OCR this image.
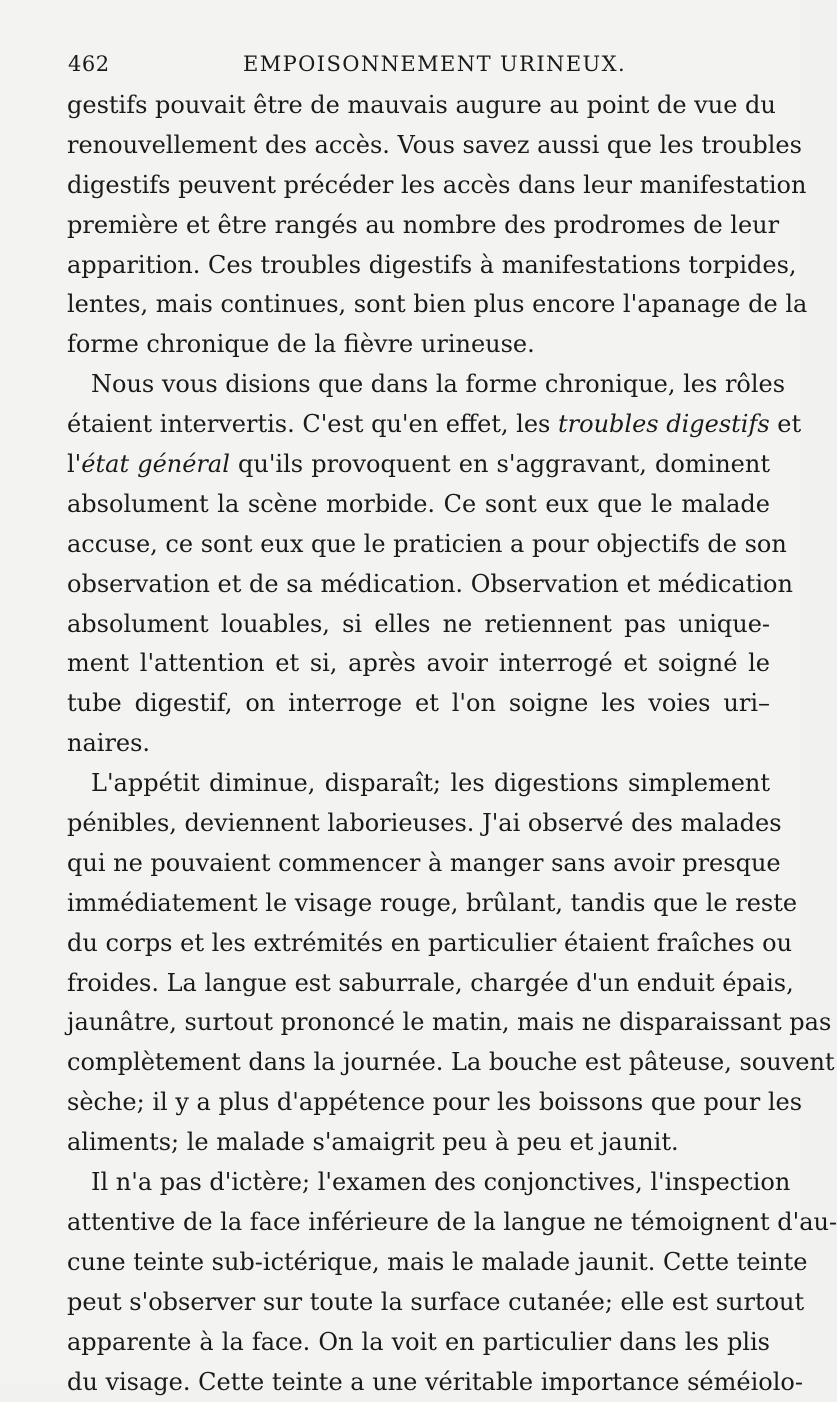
462	EMPOISONNEMENT URINEUX.
gestifs pouvait être de mauvais augure au point de vue du
renouvellement des accès. Vous savez aussi que les troubles
digestifs peuvent précéder les accès dans leur manifestation
première et être rangés au nombre des prodromes de leur
apparition. Ces troubles digestifs à manifestations torpides,
lentes, mais continues, sont bien plus encore l'apanage de la
forme chronique de la fièvre urineuse.
Nous vous disions que dans la forme chronique, les rôles
étaient intervertis. C'est qu'en effet, les troubles digestifs et
l'état général qu'ils provoquent en s'aggravant, dominent
absolument la scène morbide. Ce sont eux que le malade
accuse, ce sont eux que le praticien a pour objectifs de son
observation et de sa médication. Observation et médication
absolument louables, si elles ne retiennent pas unique-
ment l'attention et si, après avoir interrogé et soigné le
tube digestif, on interroge et l'on soigne les voies uri–
naires.
L'appétit diminue, disparaît; les digestions simplement
pénibles, deviennent laborieuses. J'ai observé des malades
qui ne pouvaient commencer à manger sans avoir presque
immédiatement le visage rouge, brûlant, tandis que le reste
du corps et les extrémités en particulier étaient fraîches ou
froides. La langue est saburrale, chargée d'un enduit épais,
jaunâtre, surtout prononcé le matin, mais ne disparaissant pas
complètement dans la journée. La bouche est pâteuse, souvent
sèche; il y a plus d'appétence pour les boissons que pour les
aliments; le malade s'amaigrit peu à peu et jaunit.
Il n'a pas d'ictère; l'examen des conjonctives, l'inspection
attentive de la face inférieure de la langue ne témoignent d'au-
cune teinte sub-ictérique, mais le malade jaunit. Cette teinte
peut s'observer sur toute la surface cutanée; elle est surtout
apparente à la face. On la voit en particulier dans les plis
du visage. Cette teinte a une véritable importance séméiolo-
